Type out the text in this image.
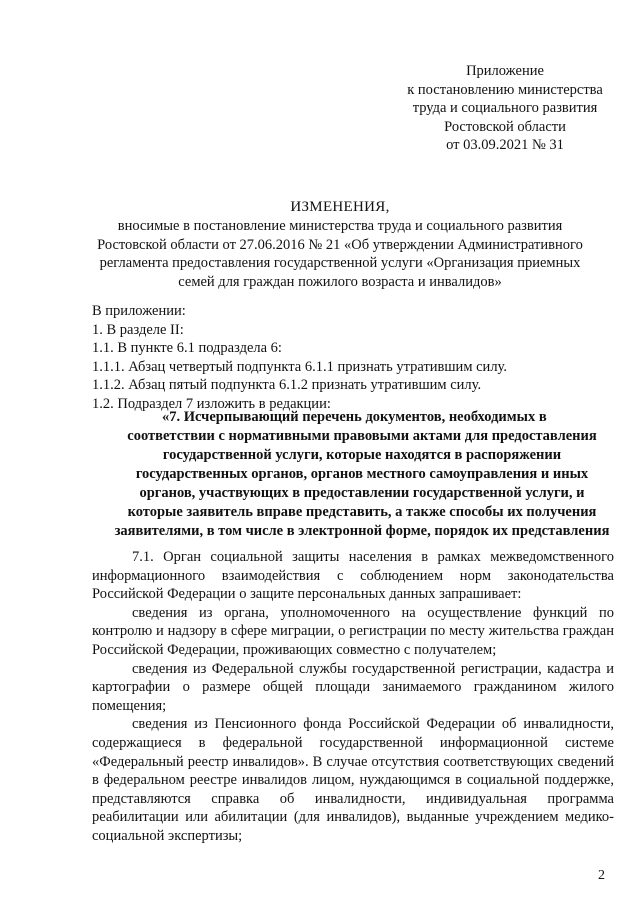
Приложение
к постановлению министерства
труда и социального развития
Ростовской области
от 03.09.2021 № 31
ИЗМЕНЕНИЯ,
вносимые в постановление министерства труда и социального развития
Ростовской области от 27.06.2016 № 21 «Об утверждении Административного
регламента предоставления государственной услуги «Организация приемных
семей для граждан пожилого возраста и инвалидов»
В приложении:
1. В разделе II:
1.1. В пункте 6.1 подраздела 6:
1.1.1. Абзац четвертый подпункта 6.1.1 признать утратившим силу.
1.1.2. Абзац пятый подпункта 6.1.2 признать утратившим силу.
1.2. Подраздел 7 изложить в редакции:
«7. Исчерпывающий перечень документов, необходимых в
соответствии с нормативными правовыми актами для предоставления
государственной услуги, которые находятся в распоряжении
государственных органов, органов местного самоуправления и иных
органов, участвующих в предоставлении государственной услуги, и
которые заявитель вправе представить, а также способы их получения
заявителями, в том числе в электронной форме, порядок их представления

7.1. Орган социальной защиты населения в рамках межведомственного информационного взаимодействия с соблюдением норм законодательства Российской Федерации о защите персональных данных запрашивает:

сведения из органа, уполномоченного на осуществление функций по контролю и надзору в сфере миграции, о регистрации по месту жительства граждан Российской Федерации, проживающих совместно с получателем;

сведения из Федеральной службы государственной регистрации, кадастра и картографии о размере общей площади занимаемого гражданином жилого помещения;

сведения из Пенсионного фонда Российской Федерации об инвалидности, содержащиеся в федеральной государственной информационной системе «Федеральный реестр инвалидов». В случае отсутствия соответствующих сведений в федеральном реестре инвалидов лицом, нуждающимся в социальной поддержке, представляются справка об инвалидности, индивидуальная программа реабилитации или абилитации (для инвалидов), выданные учреждением медико-социальной экспертизы;

2
